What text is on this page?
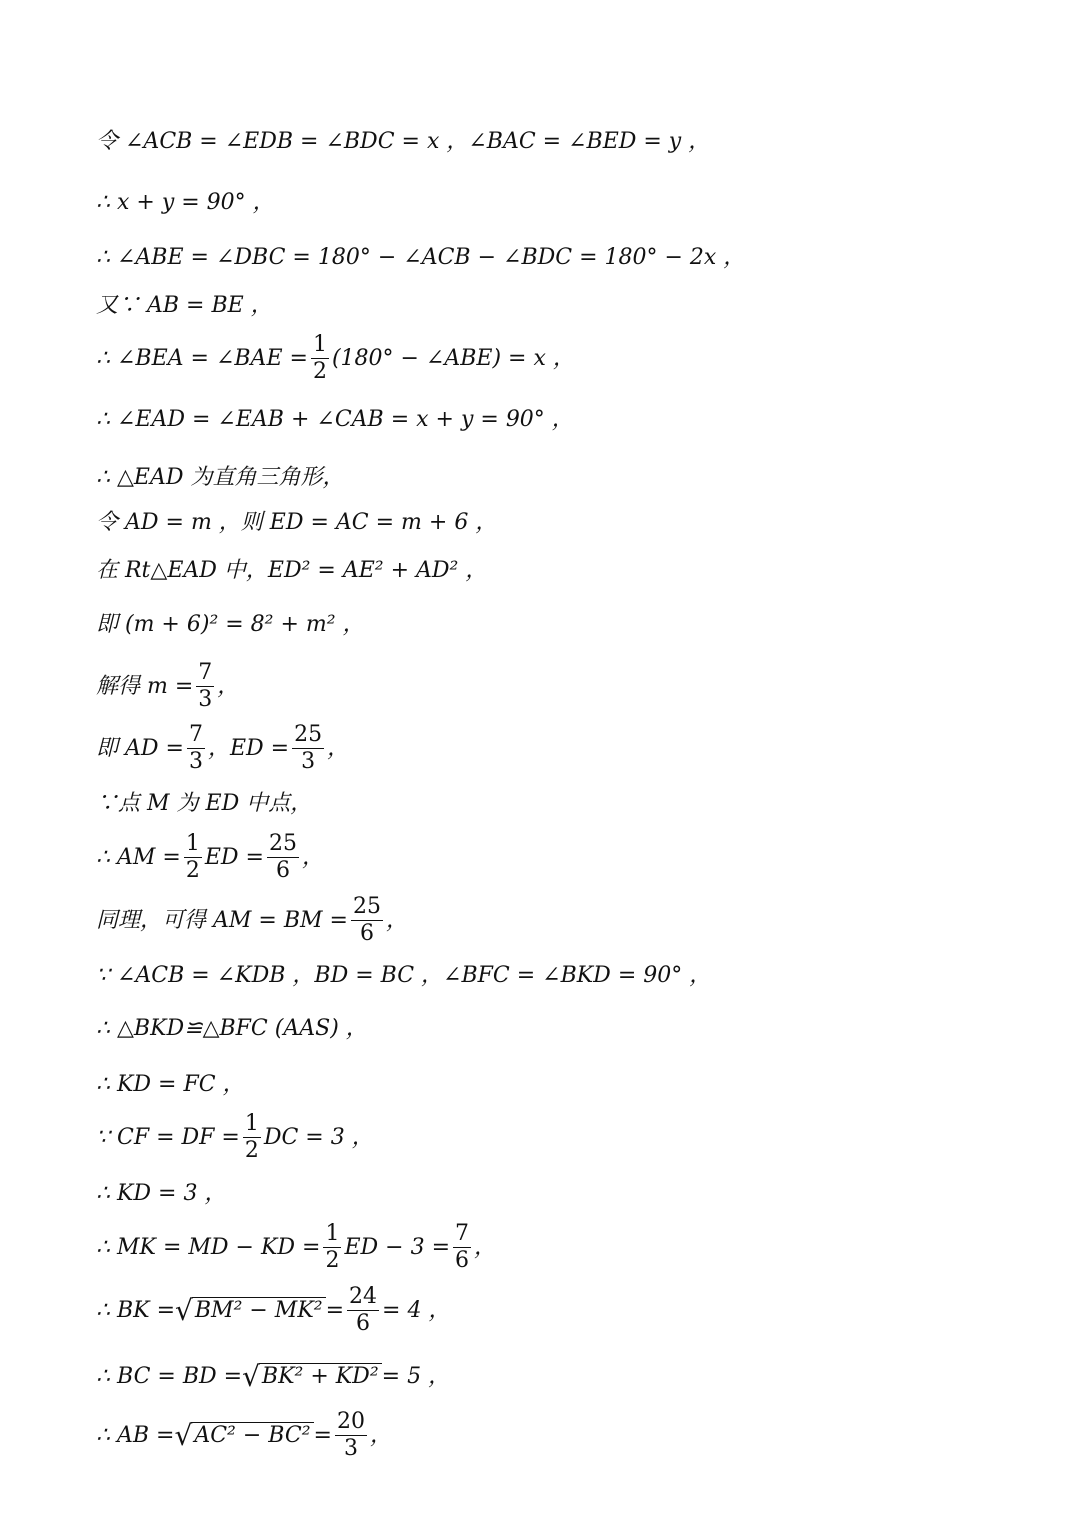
令 ∠ACB = ∠EDB = ∠BDC = x ，∠BAC = ∠BED = y ，
∴ x + y = 90° ，
∴ ∠ABE = ∠DBC = 180° − ∠ACB − ∠BDC = 180° − 2x ，
又∵ AB = BE ，
∴ ∠BEA = ∠BAE = $\frac{1}{2} (180^\circ$ − ∠ABE) = x ，
∴ ∠EAD = ∠EAB + ∠CAB = x + y = 90° ，
∴ △EAD 为直角三角形，
令 AD = m ，则 ED = AC = m + 6 ，
在 Rt△EAD 中，ED² = AE² + AD² ，
即 (m + 6)² = 8² + m² ，
解得 $m = \frac{7}{3}$ ，
即 AD = $\frac{7}{3}$ ，ED = $\frac{25}{3}$ ，
∵点 M 为 ED 中点，
∴ AM = $\frac{1}{2}$ ED = $\frac{25}{6}$ ，
同理，可得 AM = BM = $\frac{25}{6}$ ，
∵ ∠ACB = ∠KDB ，BD = BC ，∠BFC = ∠BKD = 90° ，
∴ △BKD≌△BFC (AAS) ，
∴ KD = FC ，
∵ CF = DF = $\frac{1}{2}$ DC = 3 ，
∴ KD = 3 ，
∴ MK = MD − KD = $\frac{1}{2}$ ED − $3 = \frac{7}{6}$ ，
∴ BK = √ $BM^2 - MK^2 = \frac{24}{6} = 4$ ，
∴ BC = BD = √ BK² + KD² = 5 ，
∴ AB = √ $AC^2 - BC^2 = \frac{20}{3}$ ，
